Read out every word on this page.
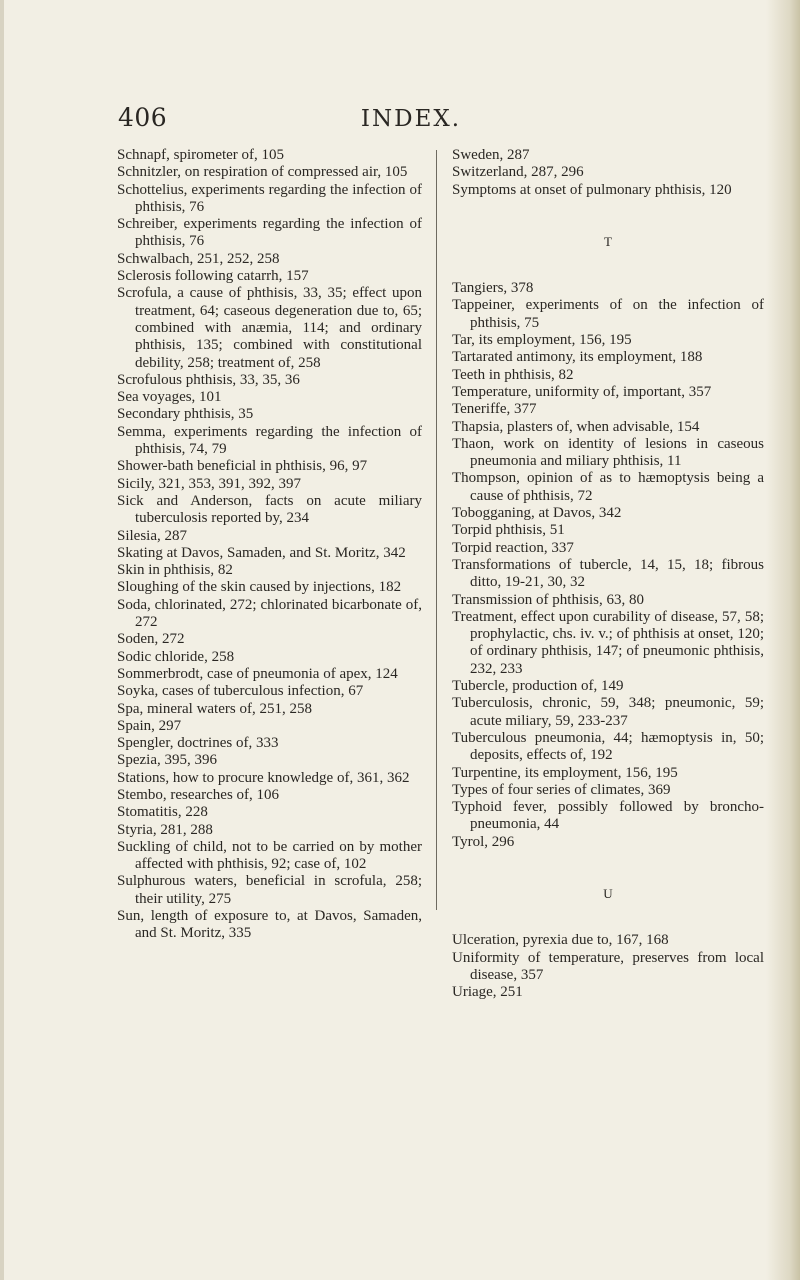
406	INDEX.
Schnapf, spirometer of, 105
Schnitzler, on respiration of compressed air, 105
Schottelius, experiments regarding the infection of phthisis, 76
Schreiber, experiments regarding the infection of phthisis, 76
Schwalbach, 251, 252, 258
Sclerosis following catarrh, 157
Scrofula, a cause of phthisis, 33, 35; effect upon treatment, 64; caseous degeneration due to, 65; combined with anæmia, 114; and ordinary phthisis, 135; combined with constitutional debility, 258; treatment of, 258
Scrofulous phthisis, 33, 35, 36
Sea voyages, 101
Secondary phthisis, 35
Semma, experiments regarding the infection of phthisis, 74, 79
Shower-bath beneficial in phthisis, 96, 97
Sicily, 321, 353, 391, 392, 397
Sick and Anderson, facts on acute miliary tuberculosis reported by, 234
Silesia, 287
Skating at Davos, Samaden, and St. Moritz, 342
Skin in phthisis, 82
Sloughing of the skin caused by injections, 182
Soda, chlorinated, 272; chlorinated bicarbonate of, 272
Soden, 272
Sodic chloride, 258
Sommerbrodt, case of pneumonia of apex, 124
Soyka, cases of tuberculous infection, 67
Spa, mineral waters of, 251, 258
Spain, 297
Spengler, doctrines of, 333
Spezia, 395, 396
Stations, how to procure knowledge of, 361, 362
Stembo, researches of, 106
Stomatitis, 228
Styria, 281, 288
Suckling of child, not to be carried on by mother affected with phthisis, 92; case of, 102
Sulphurous waters, beneficial in scrofula, 258; their utility, 275
Sun, length of exposure to, at Davos, Samaden, and St. Moritz, 335
Sweden, 287
Switzerland, 287, 296
Symptoms at onset of pulmonary phthisis, 120
T
Tangiers, 378
Tappeiner, experiments of on the infection of phthisis, 75
Tar, its employment, 156, 195
Tartarated antimony, its employment, 188
Teeth in phthisis, 82
Temperature, uniformity of, important, 357
Teneriffe, 377
Thapsia, plasters of, when advisable, 154
Thaon, work on identity of lesions in caseous pneumonia and miliary phthisis, 11
Thompson, opinion of as to hæmoptysis being a cause of phthisis, 72
Tobogganing, at Davos, 342
Torpid phthisis, 51
Torpid reaction, 337
Transformations of tubercle, 14, 15, 18; fibrous ditto, 19-21, 30, 32
Transmission of phthisis, 63, 80
Treatment, effect upon curability of disease, 57, 58; prophylactic, chs. iv. v.; of phthisis at onset, 120; of ordinary phthisis, 147; of pneumonic phthisis, 232, 233
Tubercle, production of, 149
Tuberculosis, chronic, 59, 348; pneumonic, 59; acute miliary, 59, 233-237
Tuberculous pneumonia, 44; hæmoptysis in, 50; deposits, effects of, 192
Turpentine, its employment, 156, 195
Types of four series of climates, 369
Typhoid fever, possibly followed by broncho-pneumonia, 44
Tyrol, 296
U
Ulceration, pyrexia due to, 167, 168
Uniformity of temperature, preserves from local disease, 357
Uriage, 251
